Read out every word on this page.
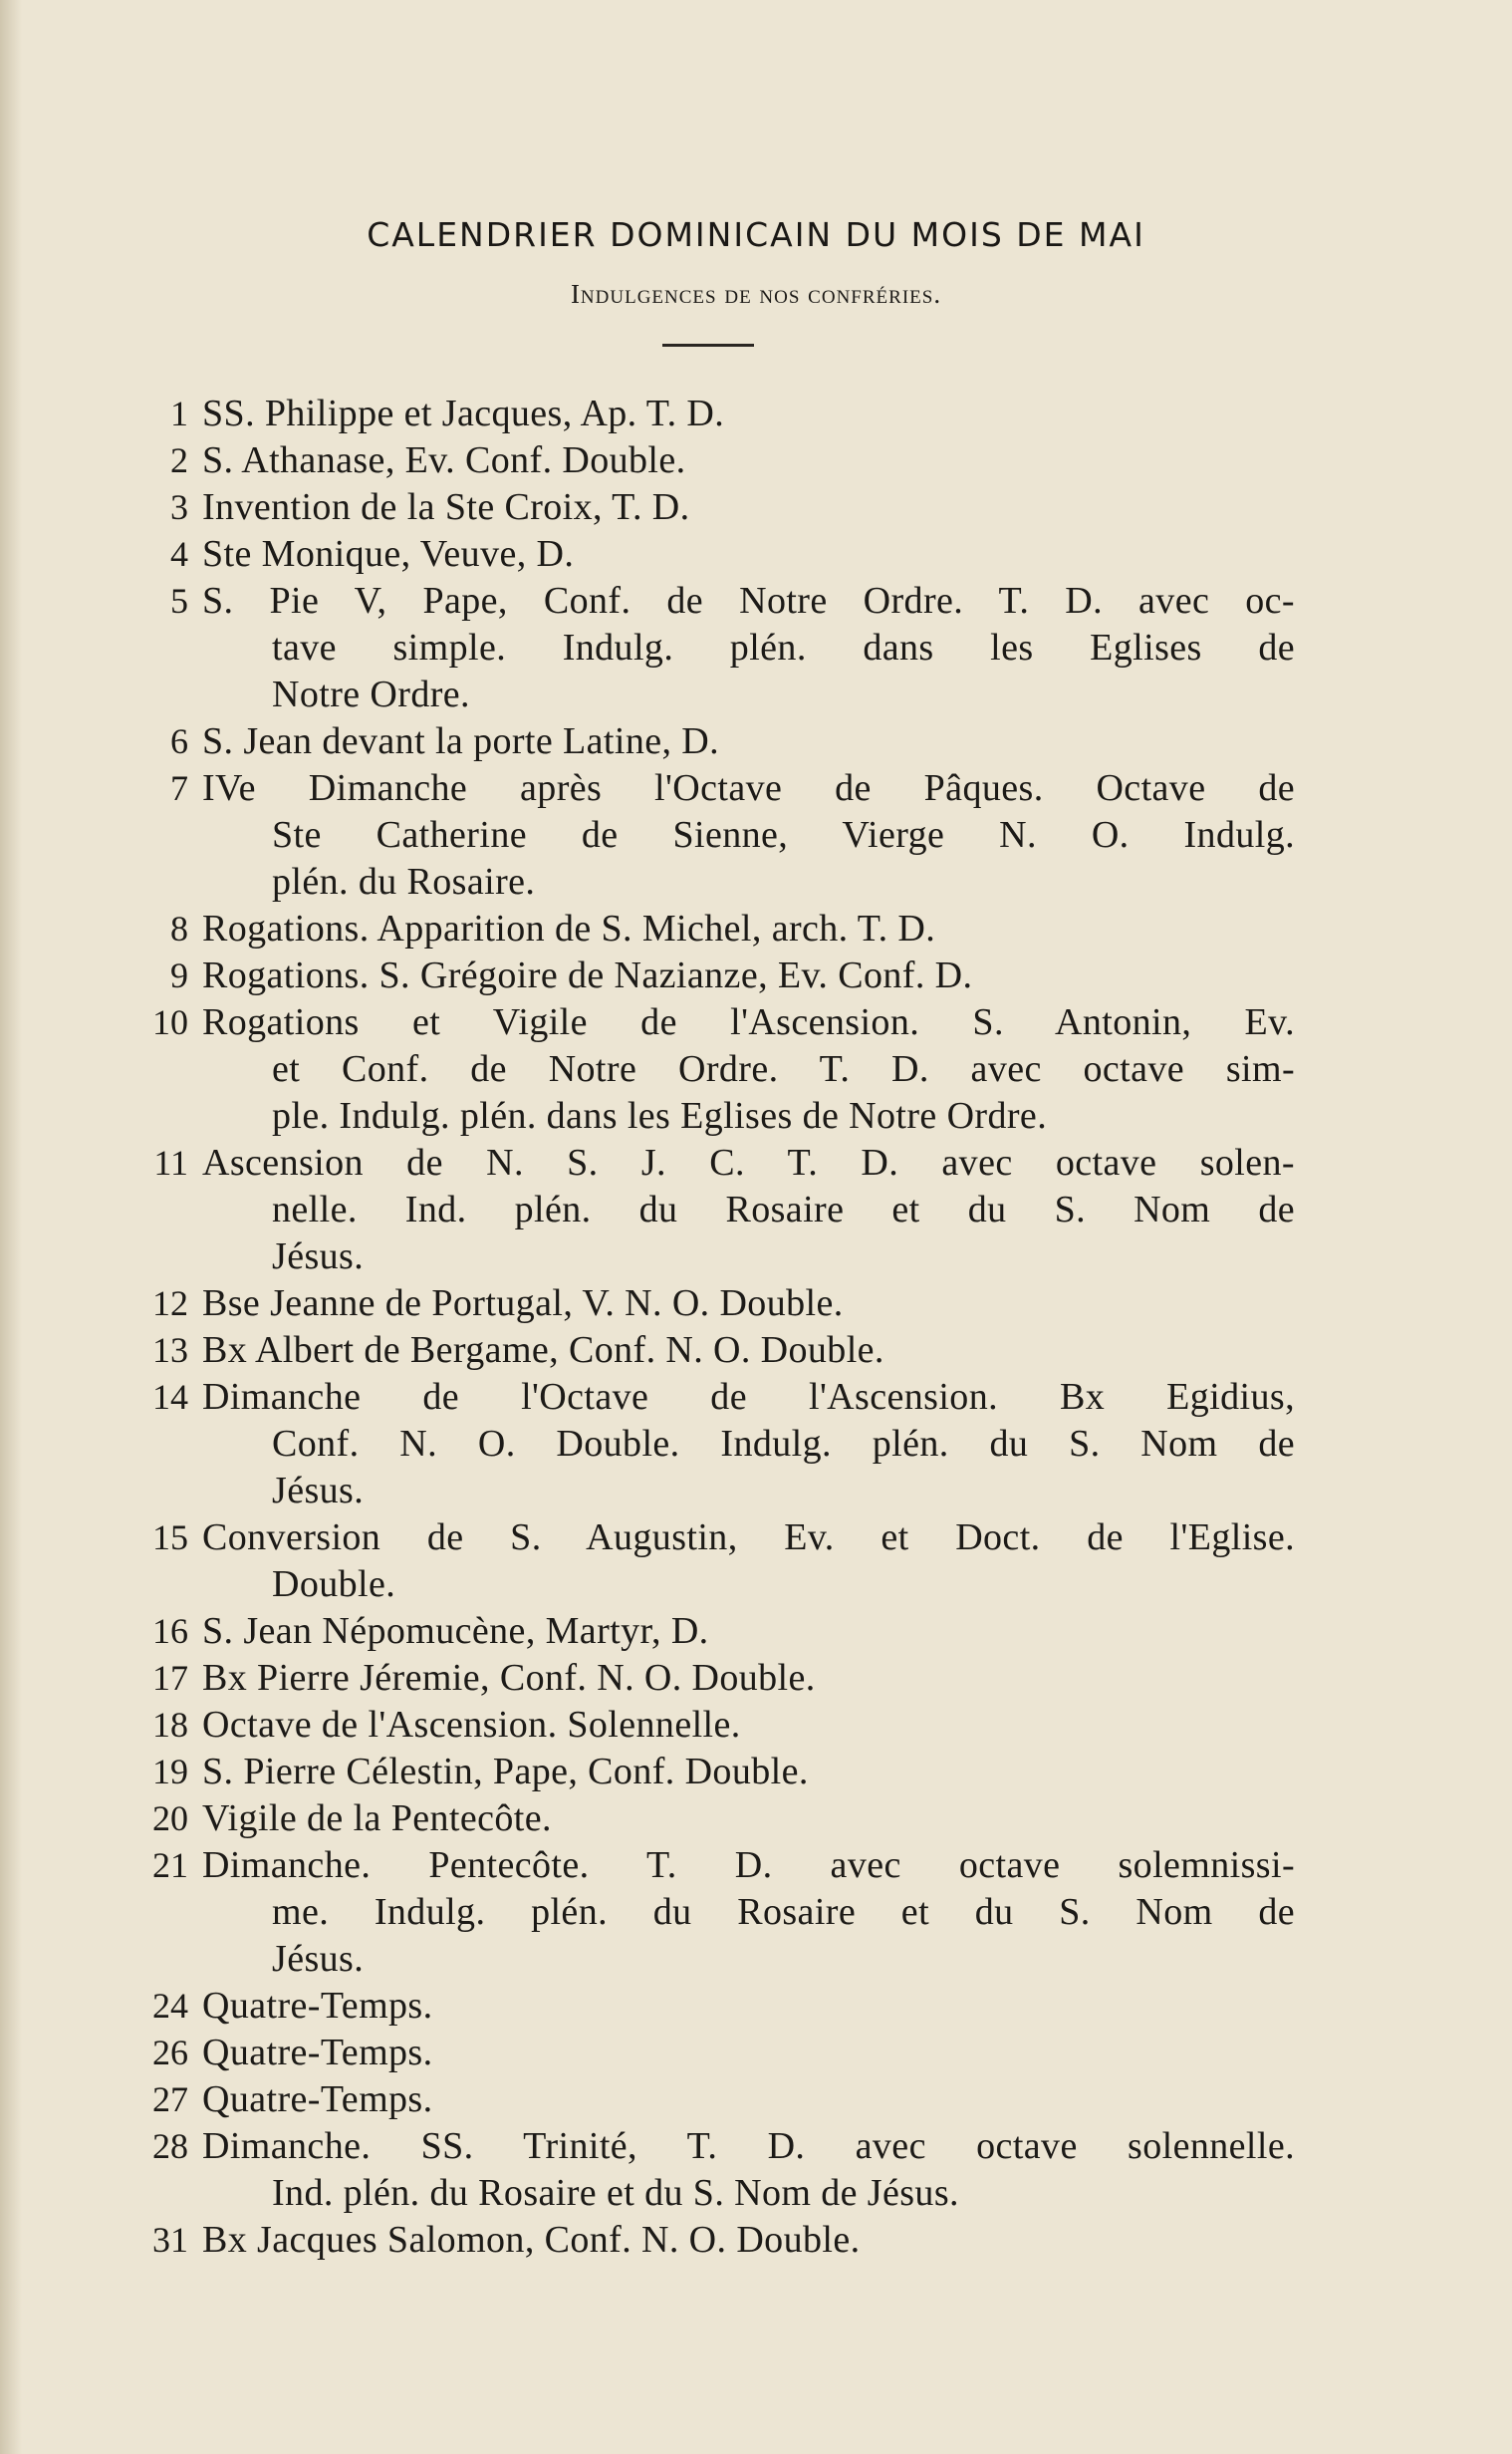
CALENDRIER DOMINICAIN DU MOIS DE MAI
Indulgences de nos confréries.
1 SS. Philippe et Jacques, Ap. T. D.
2 S. Athanase, Ev. Conf. Double.
3 Invention de la Ste Croix, T. D.
4 Ste Monique, Veuve, D.
5 S. Pie V, Pape, Conf. de Notre Ordre. T. D. avec oc-
tave simple. Indulg. plén. dans les Eglises de
Notre Ordre.
6 S. Jean devant la porte Latine, D.
7 IVe Dimanche après l'Octave de Pâques. Octave de
Ste Catherine de Sienne, Vierge N. O. Indulg.
plén. du Rosaire.
8 Rogations. Apparition de S. Michel, arch. T. D.
9 Rogations. S. Grégoire de Nazianze, Ev. Conf. D.
10 Rogations et Vigile de l'Ascension. S. Antonin, Ev.
et Conf. de Notre Ordre. T. D. avec octave sim-
ple. Indulg. plén. dans les Eglises de Notre Ordre.
11 Ascension de N. S. J. C. T. D. avec octave solen-
nelle. Ind. plén. du Rosaire et du S. Nom de
Jésus.
12 Bse Jeanne de Portugal, V. N. O. Double.
13 Bx Albert de Bergame, Conf. N. O. Double.
14 Dimanche de l'Octave de l'Ascension. Bx Egidius,
Conf. N. O. Double. Indulg. plén. du S. Nom de
Jésus.
15 Conversion de S. Augustin, Ev. et Doct. de l'Eglise.
Double.
16 S. Jean Népomucène, Martyr, D.
17 Bx Pierre Jéremie, Conf. N. O. Double.
18 Octave de l'Ascension. Solennelle.
19 S. Pierre Célestin, Pape, Conf. Double.
20 Vigile de la Pentecôte.
21 Dimanche. Pentecôte. T. D. avec octave solemnissi-
me. Indulg. plén. du Rosaire et du S. Nom de
Jésus.
24 Quatre-Temps.
26 Quatre-Temps.
27 Quatre-Temps.
28 Dimanche. SS. Trinité, T. D. avec octave solennelle.
Ind. plén. du Rosaire et du S. Nom de Jésus.
31 Bx Jacques Salomon, Conf. N. O. Double.
